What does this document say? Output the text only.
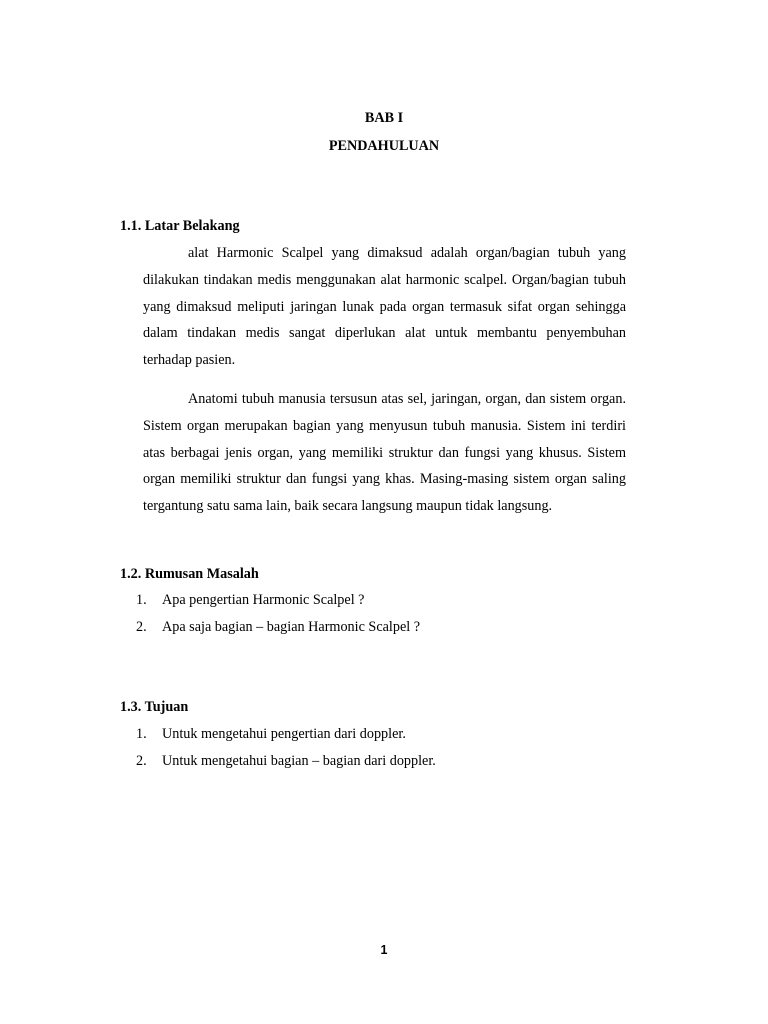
BAB I
PENDAHULUAN
1.1. Latar Belakang

alat Harmonic Scalpel yang dimaksud adalah organ/bagian tubuh yang dilakukan tindakan medis menggunakan alat harmonic scalpel. Organ/bagian tubuh yang dimaksud meliputi jaringan lunak pada organ termasuk sifat organ sehingga dalam tindakan medis sangat diperlukan alat untuk membantu penyembuhan terhadap pasien.

Anatomi tubuh manusia tersusun atas sel, jaringan, organ, dan sistem organ. Sistem organ merupakan bagian yang menyusun tubuh manusia. Sistem ini terdiri atas berbagai jenis organ, yang memiliki struktur dan fungsi yang khusus. Sistem organ memiliki struktur dan fungsi yang khas. Masing-masing sistem organ saling tergantung satu sama lain, baik secara langsung maupun tidak langsung.

1.2. Rumusan Masalah
1.	Apa pengertian Harmonic Scalpel ?
2.	Apa saja bagian – bagian Harmonic Scalpel ?
1.3. Tujuan
1.	Untuk mengetahui pengertian dari doppler.
2.	Untuk mengetahui bagian – bagian dari doppler.
1
